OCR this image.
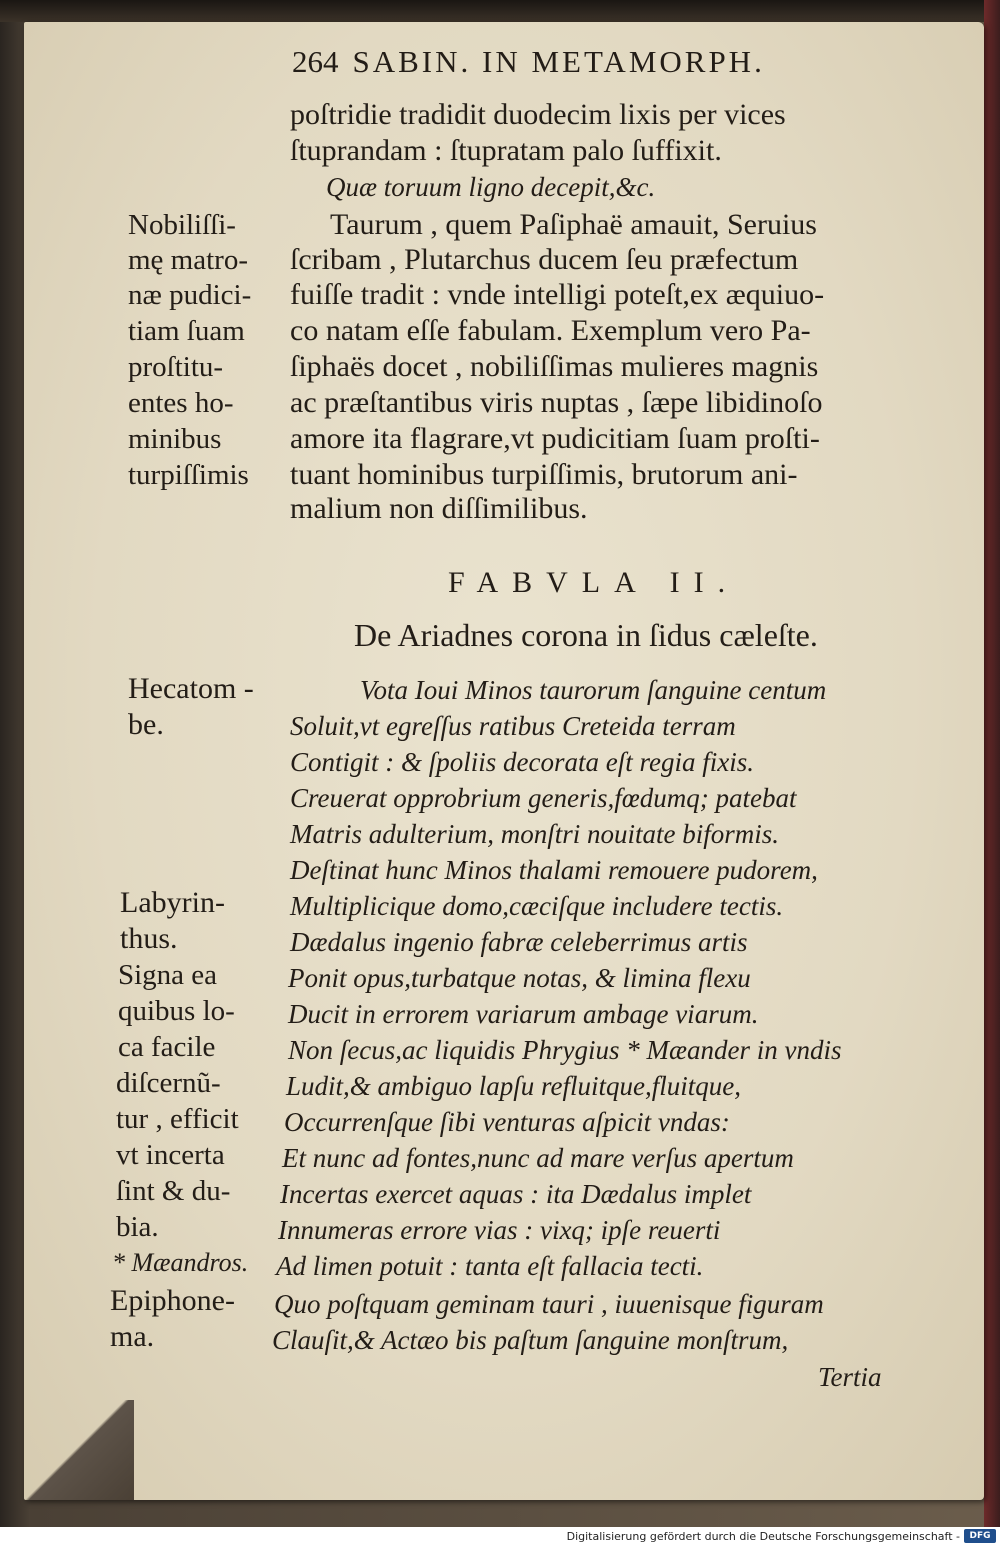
264 SABIN. IN METAMORPH.
poſtridie tradidit duodecim lixis per vices
ſtuprandam : ſtupratam palo ſuffixit.
Quæ toruum ligno decepit,&c.
Taurum , quem Paſiphaë amauit, Seruius
ſcribam , Plutarchus ducem ſeu præfectum
fuiſſe tradit : vnde intelligi poteſt,ex æquiuo-
co natam eſſe fabulam. Exemplum vero Pa-
ſiphaës docet , nobiliſſimas mulieres magnis
ac præſtantibus viris nuptas , ſæpe libidinoſo
amore ita flagrare,vt pudicitiam ſuam proſti-
tuant hominibus turpiſſimis, brutorum ani-
malium non diſſimilibus.
Nobiliſſi-
mę matro-
næ pudici-
tiam ſuam
proſtitu-
entes ho-
minibus
turpiſſimis
FABVLA II.
De Ariadnes corona in ſidus cæleſte.
Vota Ioui Minos taurorum ſanguine centum
Soluit,vt egreſſus ratibus Creteida terram
Contigit : & ſpoliis decorata eſt regia fixis.
Creuerat opprobrium generis,fœdumq; patebat
Matris adulterium, monſtri nouitate biformis.
Deſtinat hunc Minos thalami remouere pudorem,
Multiplicique domo,cæciſque includere tectis.
Dædalus ingenio fabræ celeberrimus artis
Ponit opus,turbatque notas, & limina flexu
Ducit in errorem variarum ambage viarum.
Non ſecus,ac liquidis Phrygius * Mæander in vndis
Ludit,& ambiguo lapſu refluitque,fluitque,
Occurrenſque ſibi venturas aſpicit vndas:
Et nunc ad fontes,nunc ad mare verſus apertum
Incertas exercet aquas : ita Dædalus implet
Innumeras errore vias : vixq; ipſe reuerti
Ad limen potuit : tanta eſt fallacia tecti.
Quo poſtquam geminam tauri , iuuenisque figuram
Clauſit,& Actæo bis paſtum ſanguine monſtrum,
Tertia
Hecatom -
be.
Labyrin-
thus.
Signa ea
quibus lo-
ca facile
diſcernũ-
tur , efficit
vt incerta
ſint & du-
bia.
* Mæandros.
Epiphone-
ma.
Digitalisierung gefördert durch die Deutsche Forschungsgemeinschaft -	DFG
